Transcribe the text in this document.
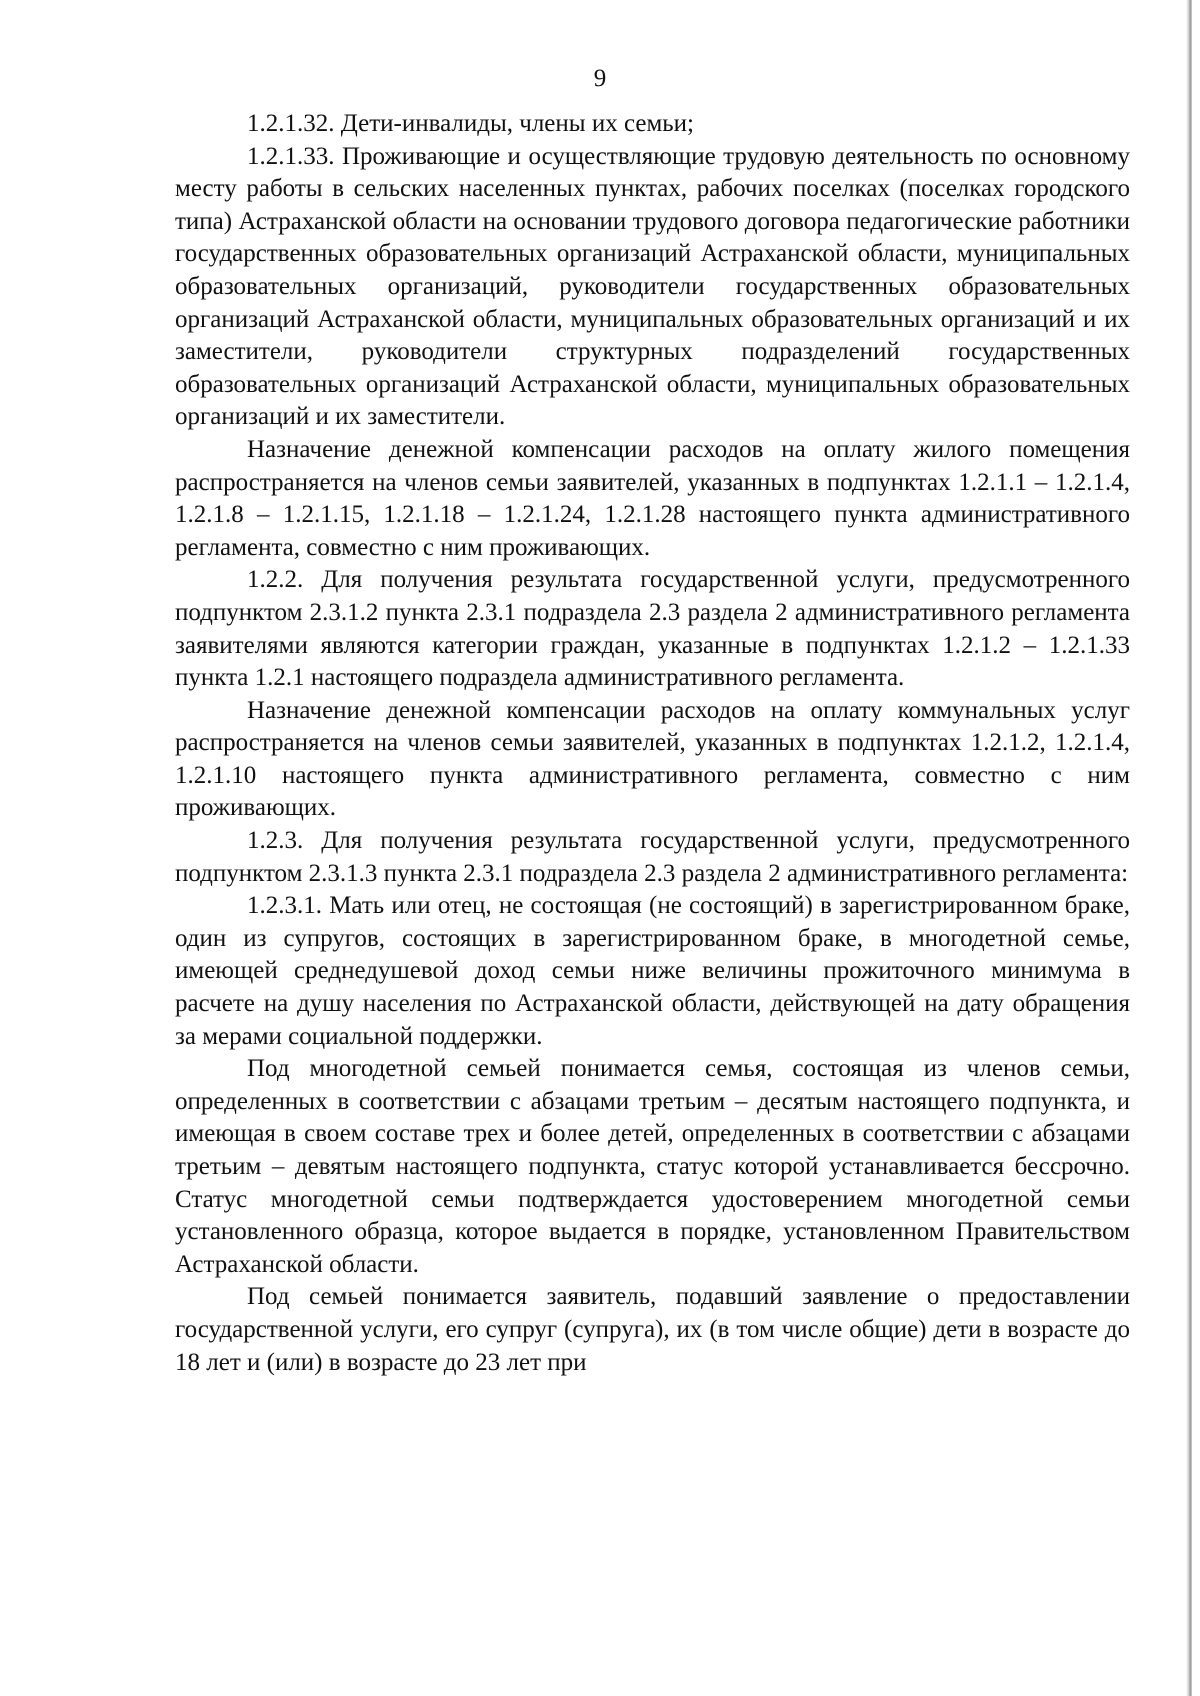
9

1.2.1.32. Дети-инвалиды, члены их семьи;

1.2.1.33. Проживающие и осуществляющие трудовую деятельность по основному месту работы в сельских населенных пунктах, рабочих поселках (поселках городского типа) Астраханской области на основании трудового договора педагогические работники государственных образовательных организаций Астраханской области, муниципальных образовательных организаций, руководители государственных образовательных организаций Астраханской области, муниципальных образовательных организаций и их заместители, руководители структурных подразделений государственных образовательных организаций Астраханской области, муниципальных образовательных организаций и их заместители.

Назначение денежной компенсации расходов на оплату жилого помещения распространяется на членов семьи заявителей, указанных в подпунктах 1.2.1.1 – 1.2.1.4, 1.2.1.8 – 1.2.1.15, 1.2.1.18 – 1.2.1.24, 1.2.1.28 настоящего пункта административного регламента, совместно с ним проживающих.

1.2.2. Для получения результата государственной услуги, предусмотренного подпунктом 2.3.1.2 пункта 2.3.1 подраздела 2.3 раздела 2 административного регламента заявителями являются категории граждан, указанные в подпунктах 1.2.1.2 – 1.2.1.33 пункта 1.2.1 настоящего подраздела административного регламента.

Назначение денежной компенсации расходов на оплату коммунальных услуг распространяется на членов семьи заявителей, указанных в подпунктах 1.2.1.2, 1.2.1.4, 1.2.1.10 настоящего пункта административного регламента, совместно с ним проживающих.

1.2.3. Для получения результата государственной услуги, предусмотренного подпунктом 2.3.1.3 пункта 2.3.1 подраздела 2.3 раздела 2 административного регламента:

1.2.3.1. Мать или отец, не состоящая (не состоящий) в зарегистрированном браке, один из супругов, состоящих в зарегистрированном браке, в многодетной семье, имеющей среднедушевой доход семьи ниже величины прожиточного минимума в расчете на душу населения по Астраханской области, действующей на дату обращения за мерами социальной поддержки.

Под многодетной семьей понимается семья, состоящая из членов семьи, определенных в соответствии с абзацами третьим – десятым настоящего подпункта, и имеющая в своем составе трех и более детей, определенных в соответствии с абзацами третьим – девятым настоящего подпункта, статус которой устанавливается бессрочно. Статус многодетной семьи подтверждается удостоверением многодетной семьи установленного образца, которое выдается в порядке, установленном Правительством Астраханской области.

Под семьей понимается заявитель, подавший заявление о предоставлении государственной услуги, его супруг (супруга), их (в том числе общие) дети в возрасте до 18 лет и (или) в возрасте до 23 лет при
